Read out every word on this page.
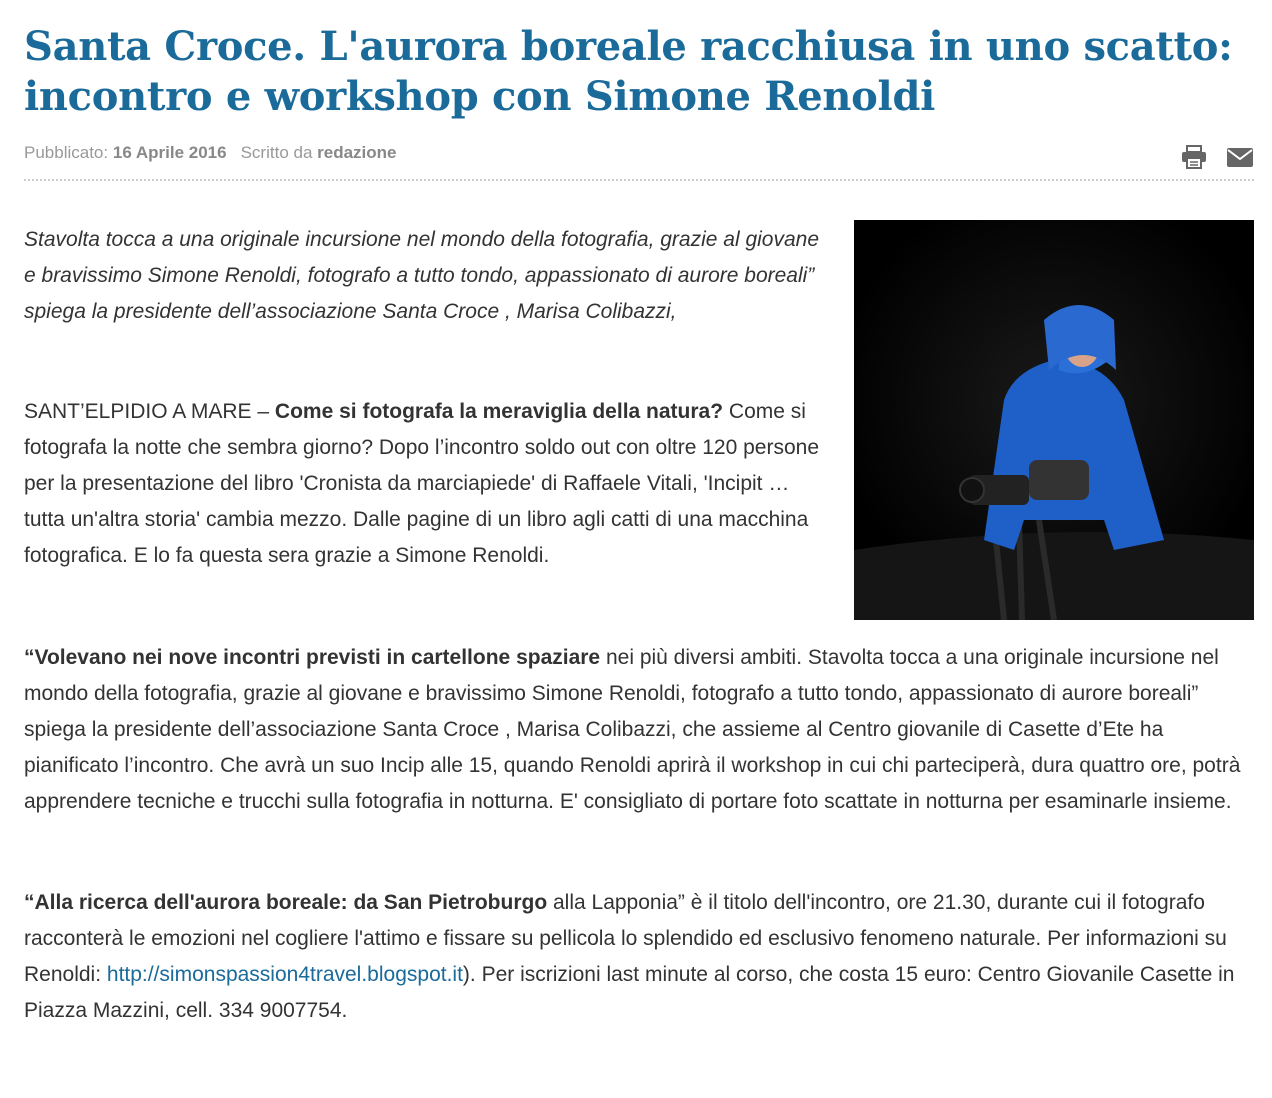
Santa Croce. L'aurora boreale racchiusa in uno scatto: incontro e workshop con Simone Renoldi
Pubblicato: 16 Aprile 2016 Scritto da redazione

Stavolta tocca a una originale incursione nel mondo della fotografia, grazie al giovane e bravissimo Simone Renoldi, fotografo a tutto tondo, appassionato di aurore boreali” spiega la presidente dell’associazione Santa Croce , Marisa Colibazzi,

SANT’ELPIDIO A MARE – Come si fotografa la meraviglia della natura? Come si fotografa la notte che sembra giorno? Dopo l’incontro soldo out con oltre 120 persone per la presentazione del libro 'Cronista da marciapiede' di Raffaele Vitali, 'Incipit … tutta un'altra storia' cambia mezzo. Dalle pagine di un libro agli catti di una macchina fotografica. E lo fa questa sera grazie a Simone Renoldi.

“Volevano nei nove incontri previsti in cartellone spaziare nei più diversi ambiti. Stavolta tocca a una originale incursione nel mondo della fotografia, grazie al giovane e bravissimo Simone Renoldi, fotografo a tutto tondo, appassionato di aurore boreali” spiega la presidente dell’associazione Santa Croce , Marisa Colibazzi, che assieme al Centro giovanile di Casette d’Ete ha pianificato l’incontro. Che avrà un suo Incip alle 15, quando Renoldi aprirà il workshop in cui chi parteciperà, dura quattro ore, potrà apprendere tecniche e trucchi sulla fotografia in notturna. E' consigliato di portare foto scattate in notturna per esaminarle insieme.

“Alla ricerca dell'aurora boreale: da San Pietroburgo alla Lapponia” è il titolo dell'incontro, ore 21.30, durante cui il fotografo racconterà le emozioni nel cogliere l'attimo e fissare su pellicola lo splendido ed esclusivo fenomeno naturale. Per informazioni su Renoldi: http://simonspassion4travel.blogspot.it). Per iscrizioni last minute al corso, che costa 15 euro: Centro Giovanile Casette in Piazza Mazzini, cell. 334 9007754.
